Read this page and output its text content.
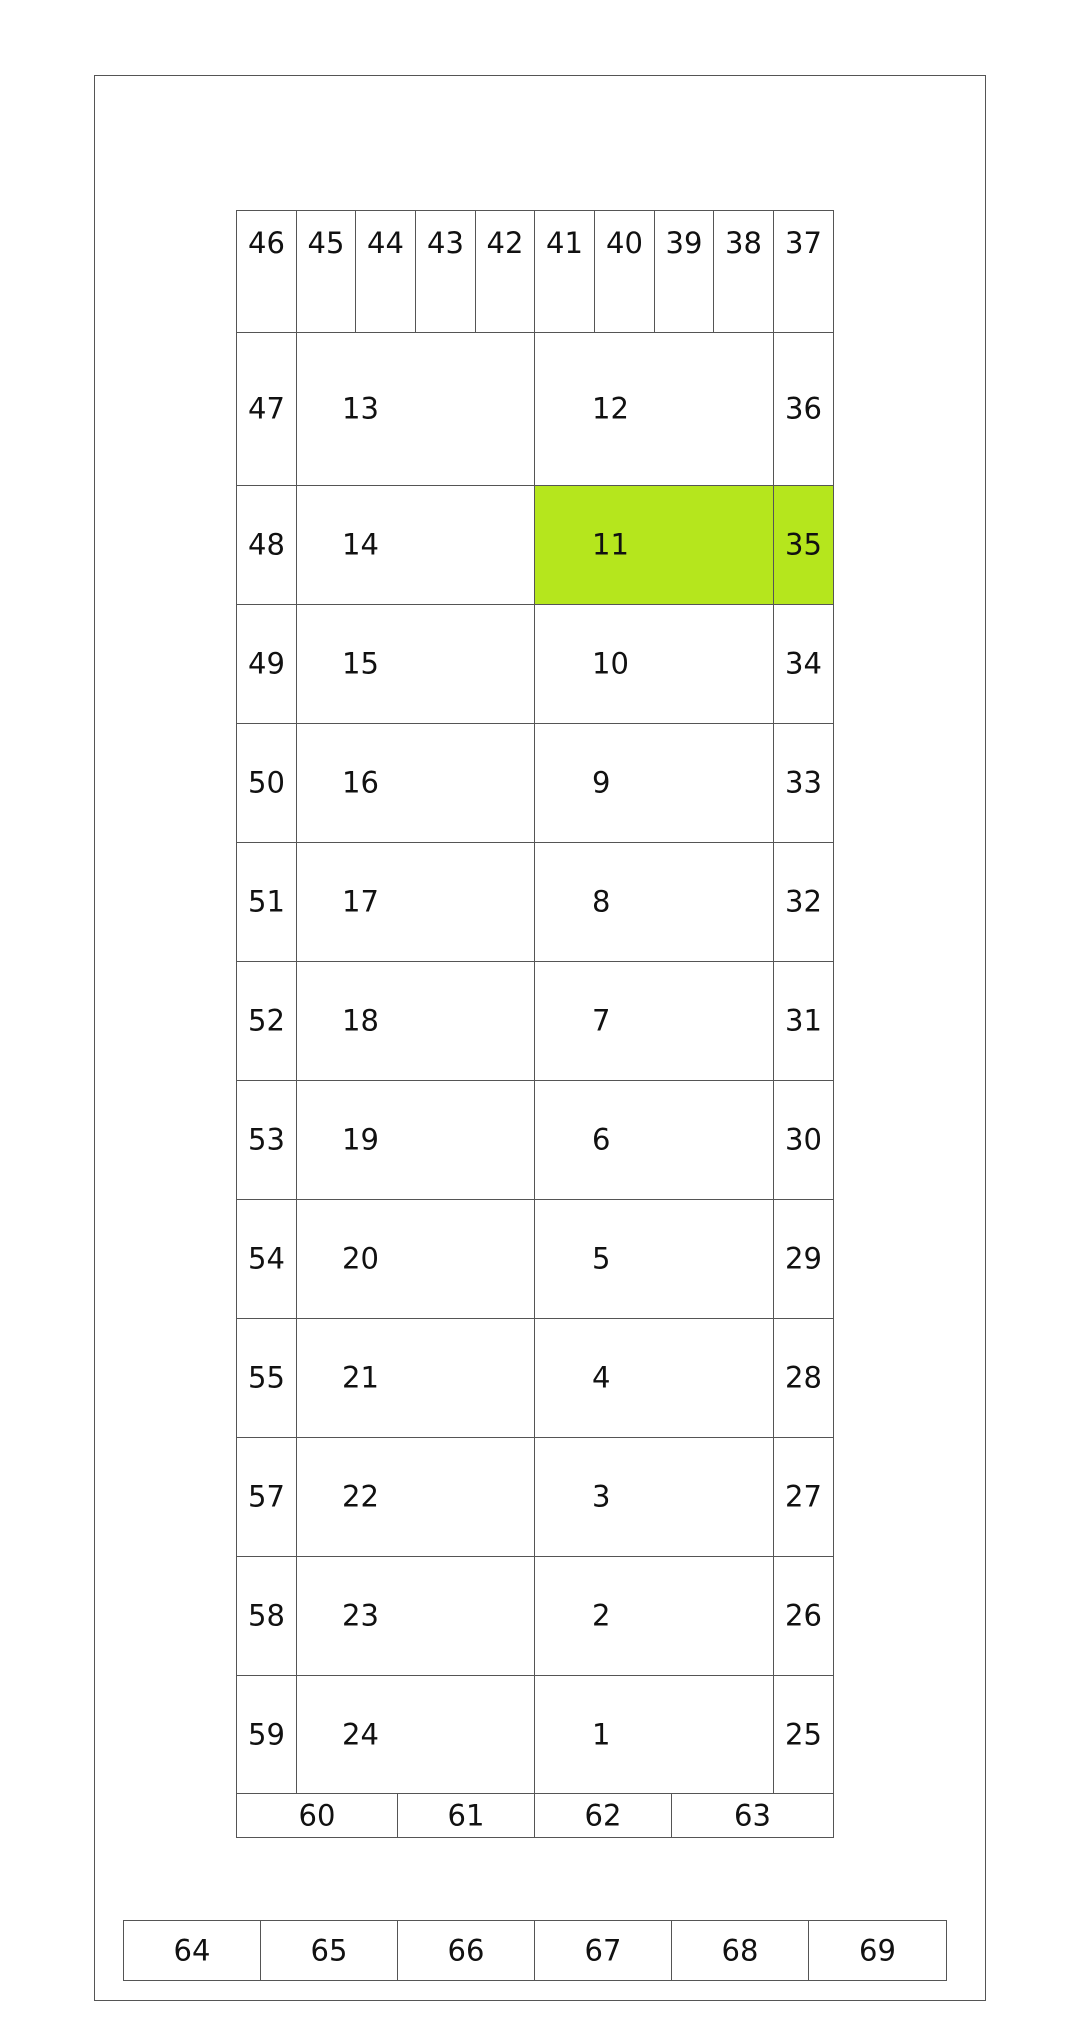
46 45 44 43 42 41 40 39 38 37
47 13	12	36
48 14	11	35
49 15	10	34
50 16	9	33
51 17	8	32
52 18	7	31
53 19	6	30
54 20	5	29
55 21	4	28
57 22	3	27
58 23	2	26
59 24	1	25
60	61	62	63
64	65	66	67	68	69
